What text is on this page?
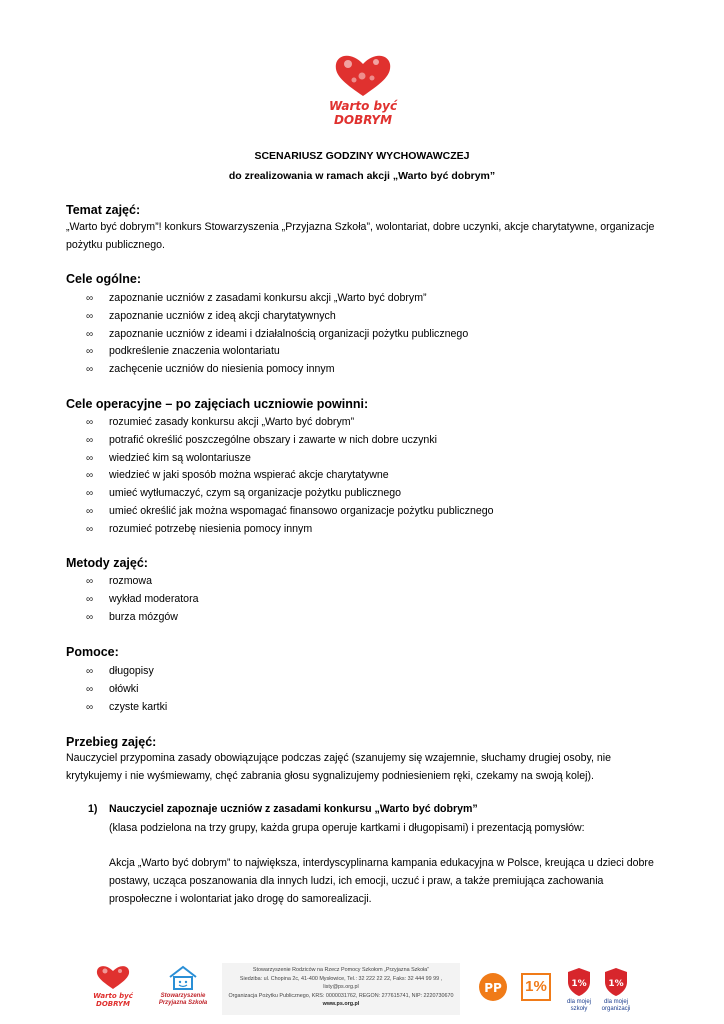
Warto być
DOBRYM
SCENARIUSZ GODZINY WYCHOWAWCZEJ
do zrealizowania w ramach akcji „Warto być dobrym”
Temat zajęć:
„Warto być dobrym”! konkurs Stowarzyszenia „Przyjazna Szkoła”, wolontariat, dobre uczynki, akcje charytatywne, organizacje pożytku publicznego.
Cele ogólne:
∞ zapoznanie uczniów z zasadami konkursu akcji „Warto być dobrym”
∞ zapoznanie uczniów z ideą akcji charytatywnych
∞ zapoznanie uczniów z ideami i działalnością organizacji pożytku publicznego
∞ podkreślenie znaczenia wolontariatu
∞ zachęcenie uczniów do niesienia pomocy innym
Cele operacyjne – po zajęciach uczniowie powinni:
∞ rozumieć zasady konkursu akcji „Warto być dobrym”
∞ potrafić określić poszczególne obszary i zawarte w nich dobre uczynki
∞ wiedzieć kim są wolontariusze
∞ wiedzieć w jaki sposób można wspierać akcje charytatywne
∞ umieć wytłumaczyć, czym są organizacje pożytku publicznego
∞ umieć określić jak można wspomagać finansowo organizacje pożytku publicznego
∞ rozumieć potrzebę niesienia pomocy innym
Metody zajęć:
∞ rozmowa
∞ wykład moderatora
∞ burza mózgów
Pomoce:
∞ długopisy
∞ ołówki
∞ czyste kartki
Przebieg zajęć:
Nauczyciel przypomina zasady obowiązujące podczas zajęć (szanujemy się wzajemnie, słuchamy drugiej osoby, nie krytykujemy i nie wyśmiewamy, chęć zabrania głosu sygnalizujemy podniesieniem ręki, czekamy na swoją kolej).
1) Nauczyciel zapoznaje uczniów z zasadami konkursu „Warto być dobrym”
(klasa podzielona na trzy grupy, każda grupa operuje kartkami i długopisami) i prezentacją pomysłów:
Akcja „Warto być dobrym” to największa, interdyscyplinarna kampania edukacyjna w Polsce, kreująca u dzieci dobre postawy, ucząca poszanowania dla innych ludzi, ich emocji, uczuć i praw, a także premiująca zachowania prospołeczne i wolontariat jako drogę do samorealizacji.
Warto być
DOBRYM
Stowarzyszenie
Przyjazna Szkoła
Stowarzyszenie Rodziców na Rzecz Pomocy Szkołom „Przyjazna Szkoła”
Siedziba: ul. Chopina 2c, 41-400 Mysłowice, Tel.: 32 222 22 22, Faks: 32 444 99 99 , listy@ps.org.pl
Organizacja Pożytku Publicznego, KRS: 0000031762, REGON: 277615741, NIP: 2220730670
www.ps.org.pl
PP 1%	1%
dla mojej
szkoły
1%
dla mojej
organizacji
